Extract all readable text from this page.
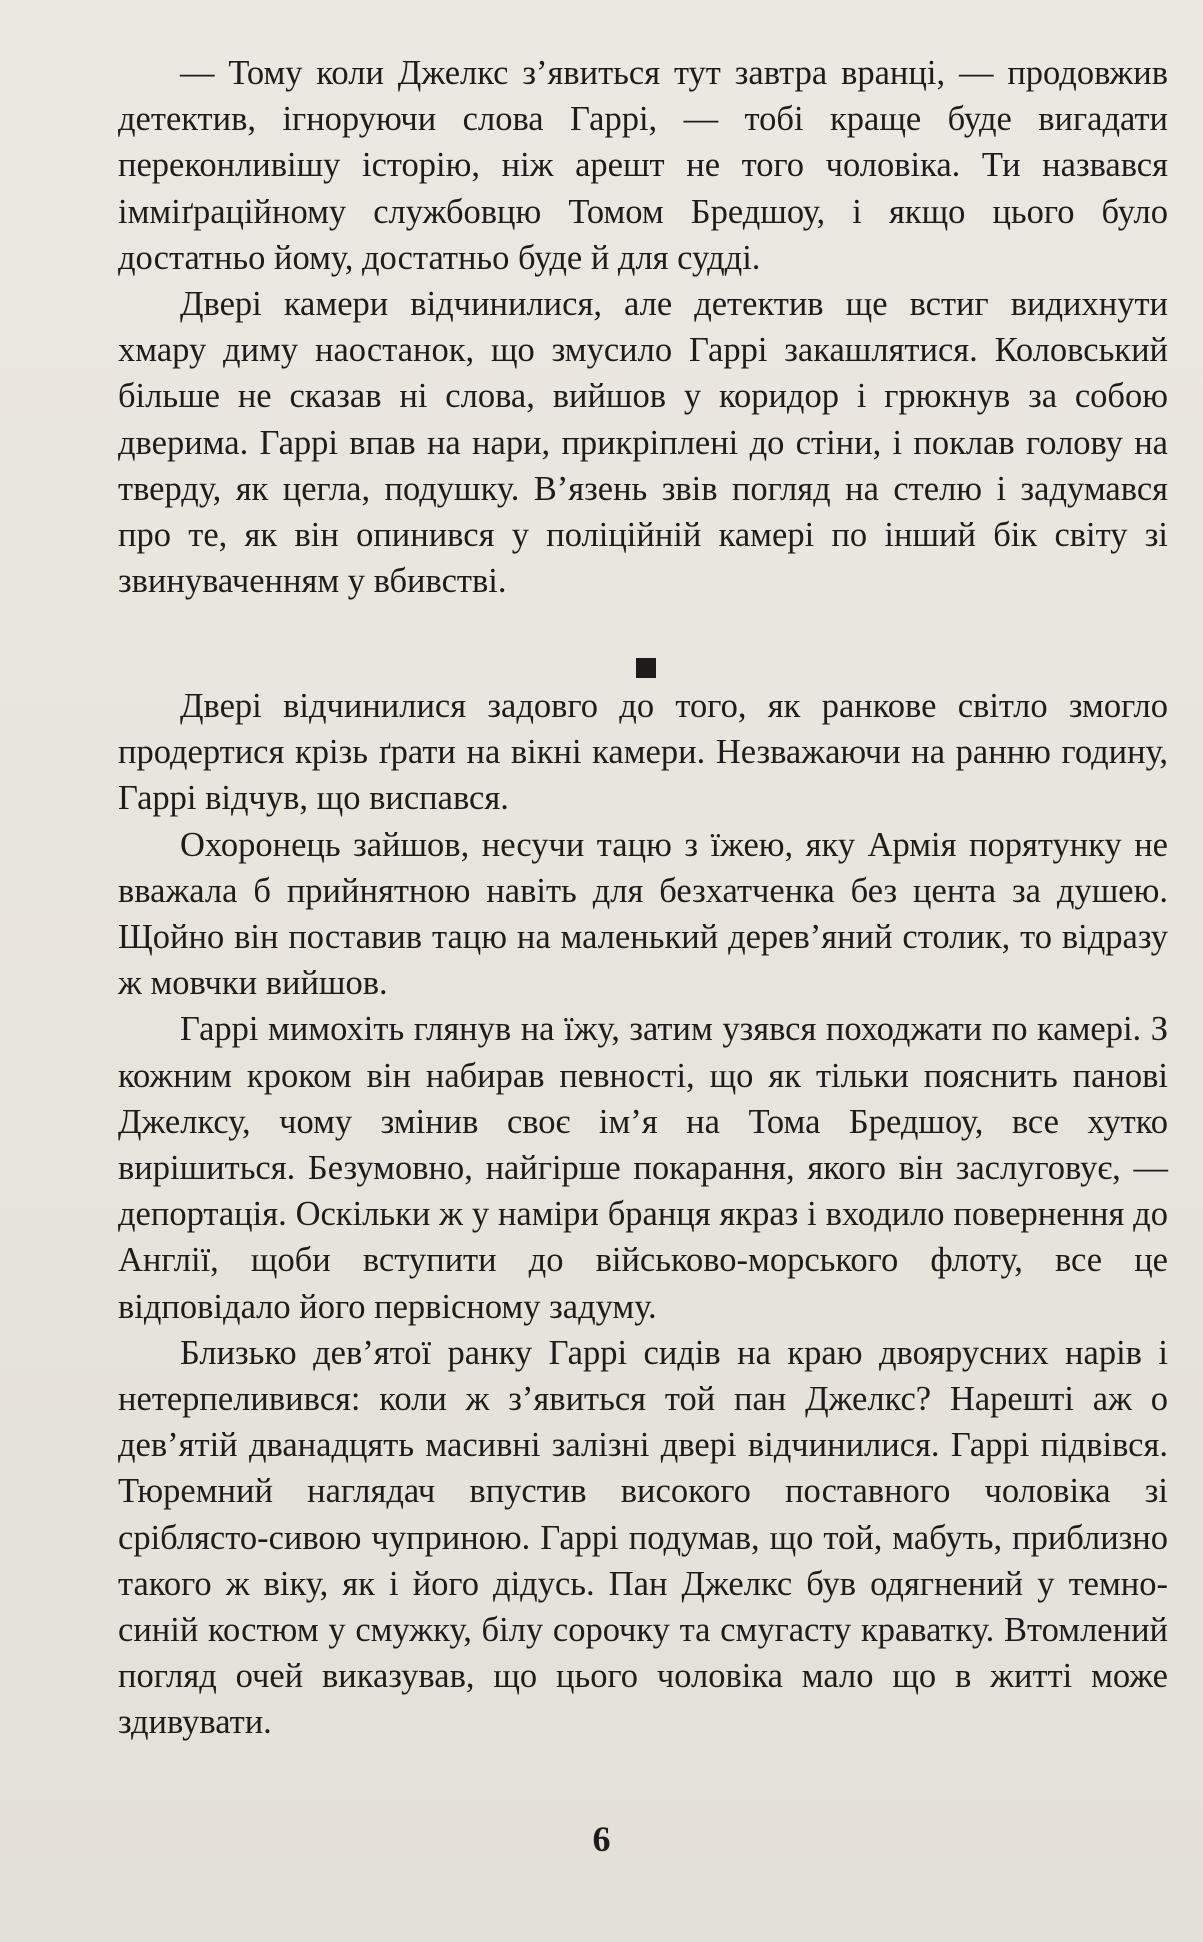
— Тому коли Джелкс з’явиться тут завтра вранці, — продовжив детектив, ігноруючи слова Гаррі, — тобі краще буде вигадати переконливішу історію, ніж арешт не того чоловіка. Ти назвався імміґраційному службовцю Томом Бредшоу, і якщо цього було достатньо йому, достатньо буде й для судді.

Двері камери відчинилися, але детектив ще встиг видихнути хмару диму наостанок, що змусило Гаррі закашлятися. Коловський більше не сказав ні слова, вийшов у коридор і грюкнув за собою дверима. Гаррі впав на нари, прикріплені до стіни, і поклав голову на тверду, як цегла, подушку. В’язень звів погляд на стелю і задумався про те, як він опинився у поліційній камері по інший бік світу зі звинуваченням у вбивстві.

Двері відчинилися задовго до того, як ранкове світло змогло продертися крізь ґрати на вікні камери. Незважаючи на ранню годину, Гаррі відчув, що виспався.

Охоронець зайшов, несучи тацю з їжею, яку Армія порятунку не вважала б прийнятною навіть для безхатченка без цента за душею. Щойно він поставив тацю на маленький дерев’яний столик, то відразу ж мовчки вийшов.

Гаррі мимохіть глянув на їжу, затим узявся походжати по камері. З кожним кроком він набирав певності, що як тільки пояснить панові Джелксу, чому змінив своє ім’я на Тома Бредшоу, все хутко вирішиться. Безумовно, найгірше покарання, якого він заслуговує, — депортація. Оскільки ж у наміри бранця якраз і входило повернення до Англії, щоби вступити до військово-морського флоту, все це відповідало його первісному задуму.

Близько дев’ятої ранку Гаррі сидів на краю двоярусних нарів і нетерпеливився: коли ж з’явиться той пан Джелкс? Нарешті аж о дев’ятій дванадцять масивні залізні двері відчинилися. Гаррі підвівся. Тюремний наглядач впустив високого поставного чоловіка зі сріблясто-сивою чуприною. Гаррі подумав, що той, мабуть, приблизно такого ж віку, як і його дідусь. Пан Джелкс був одягнений у темно-синій костюм у смужку, білу сорочку та смугасту краватку. Втомлений погляд очей виказував, що цього чоловіка мало що в житті може здивувати.

6
